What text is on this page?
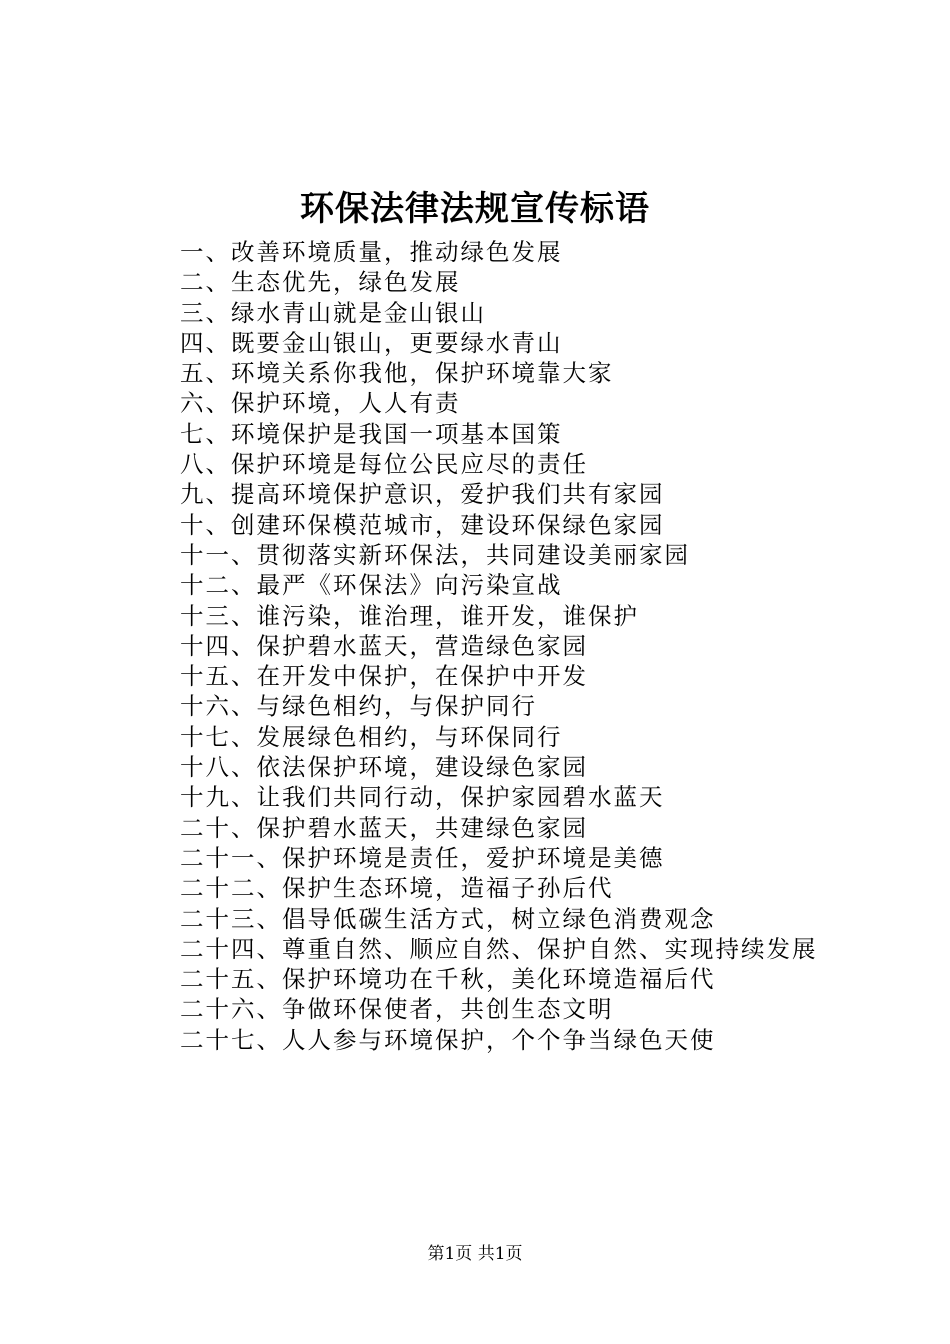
环保法律法规宣传标语
一、改善环境质量，推动绿色发展
二、生态优先，绿色发展
三、绿水青山就是金山银山
四、既要金山银山，更要绿水青山
五、环境关系你我他，保护环境靠大家
六、保护环境，人人有责
七、环境保护是我国一项基本国策
八、保护环境是每位公民应尽的责任
九、提高环境保护意识，爱护我们共有家园
十、创建环保模范城市，建设环保绿色家园
十一、贯彻落实新环保法，共同建设美丽家园
十二、最严《环保法》向污染宣战
十三、谁污染，谁治理，谁开发，谁保护
十四、保护碧水蓝天，营造绿色家园
十五、在开发中保护，在保护中开发
十六、与绿色相约，与保护同行
十七、发展绿色相约，与环保同行
十八、依法保护环境，建设绿色家园
十九、让我们共同行动，保护家园碧水蓝天
二十、保护碧水蓝天，共建绿色家园
二十一、保护环境是责任，爱护环境是美德
二十二、保护生态环境，造福子孙后代
二十三、倡导低碳生活方式，树立绿色消费观念
二十四、尊重自然、顺应自然、保护自然、实现持续发展
二十五、保护环境功在千秋，美化环境造福后代
二十六、争做环保使者，共创生态文明
二十七、人人参与环境保护，个个争当绿色天使
第1页 共1页
